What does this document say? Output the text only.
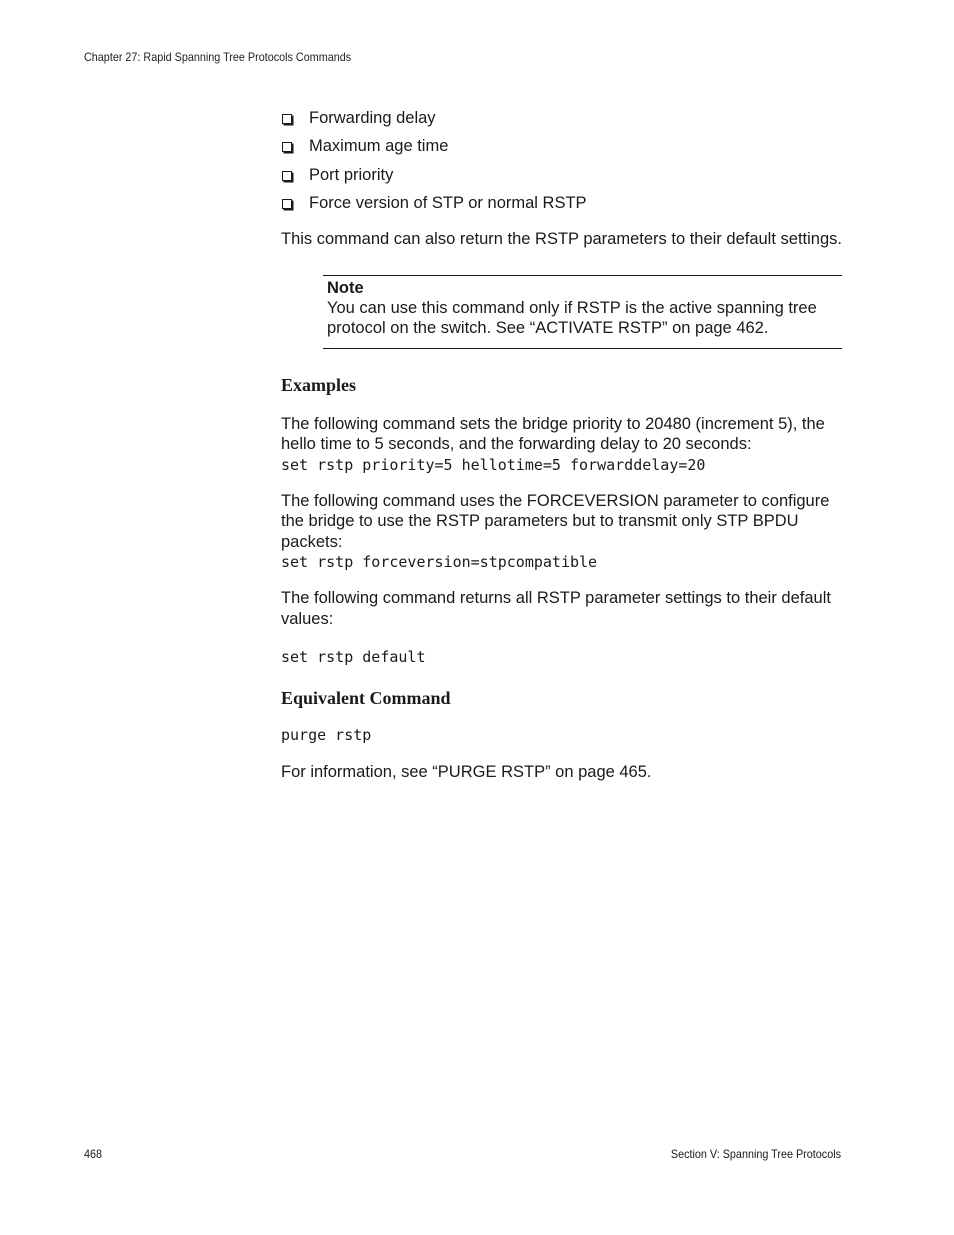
Chapter 27: Rapid Spanning Tree Protocols Commands
Forwarding delay
Maximum age time
Port priority
Force version of STP or normal RSTP

This command can also return the RSTP parameters to their default settings.

Note
You can use this command only if RSTP is the active spanning tree protocol on the switch. See “ACTIVATE RSTP” on page 462.
Examples

The following command sets the bridge priority to 20480 (increment 5), the hello time to 5 seconds, and the forwarding delay to 20 seconds:

set rstp priority=5 hellotime=5 forwarddelay=20

The following command uses the FORCEVERSION parameter to configure the bridge to use the RSTP parameters but to transmit only STP BPDU packets:

set rstp forceversion=stpcompatible

The following command returns all RSTP parameter settings to their default values:

set rstp default
Equivalent Command
purge rstp

For information, see “PURGE RSTP” on page 465.

468	Section V: Spanning Tree Protocols
